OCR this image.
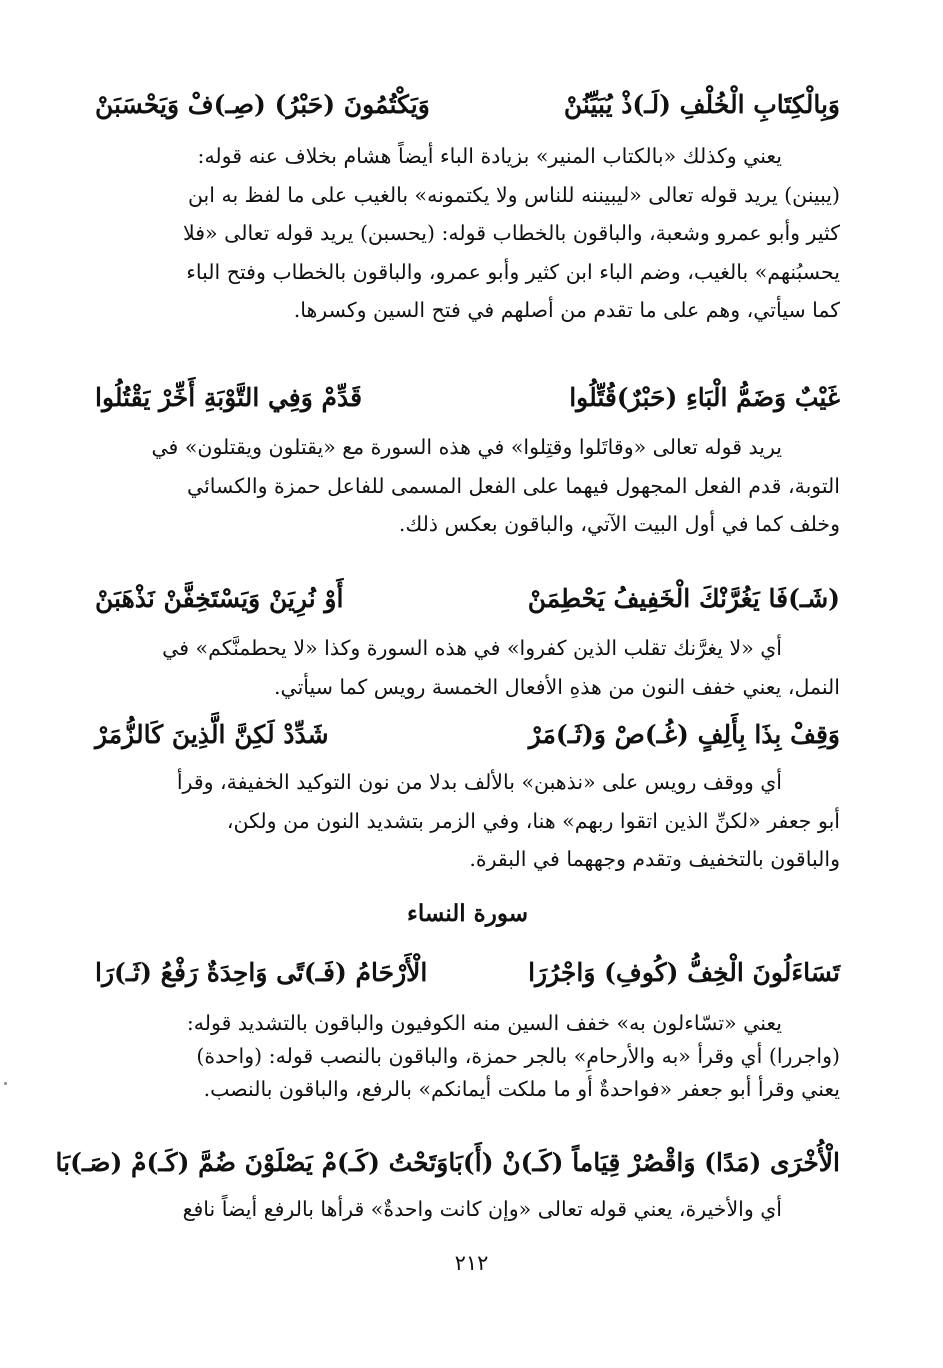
وَبِالْكِتَابِ الْخُلْفِ (لَـ)ذْ يُبَيِّنُنْ
وَيَكْتُمُونَ (حَبْرُ) (صِـ)فْ وَيَحْسَبَنْ
يعني وكذلك «بالكتاب المنير» بزيادة الباء أيضاً هشام بخلاف عنه قوله:
(يبينن) يريد قوله تعالى «ليبيننه للناس ولا يكتمونه» بالغيب على ما لفظ به ابن
كثير وأبو عمرو وشعبة، والباقون بالخطاب قوله: (يحسبن) يريد قوله تعالى «فلا
يحسبُنهم» بالغيب، وضم الباء ابن كثير وأبو عمرو، والباقون بالخطاب وفتح الباء
كما سيأتي، وهم على ما تقدم من أصلهم في فتح السين وكسرها.
غَيْبٌ وَضَمُّ الْبَاءِ (حَبْرٌ)قُتِّلُوا
قَدِّمْ وَفِي التَّوْبَةِ أَخِّرْ يَقْتُلُوا
يريد قوله تعالى «وقاتَلوا وقتِلوا» في هذه السورة مع «يقتلون ويقتلون» في
التوبة، قدم الفعل المجهول فيهما على الفعل المسمى للفاعل حمزة والكسائي
وخلف كما في أول البيت الآتي، والباقون بعكس ذلك.
(شَـ)فَا يَغُرَّنْكَ الْخَفِيفُ يَحْطِمَنْ
أَوْ نُرِيَنْ وَيَسْتَخِفَّنْ نَذْهَبَنْ
أي «لا يغرَّنك تقلب الذين كفروا» في هذه السورة وكذا «لا يحطمنَّكم» في
النمل، يعني خفف النون من هذهِ الأفعال الخمسة رويس كما سيأتي.
وَقِفْ بِذَا بِأَلِفٍ (غُـ)صْ وَ(ثَـ)مَرْ
شَدِّدْ لَكِنَّ الَّذِينَ كَالزُّمَرْ
أي ووقف رويس على «نذهبن» بالألف بدلا من نون التوكيد الخفيفة، وقرأ
أبو جعفر «لكنِّ الذين اتقوا ربهم» هنا، وفي الزمر بتشديد النون من ولكن،
والباقون بالتخفيف وتقدم وجههما في البقرة.
سورة النساء
تَسَاءَلُونَ الْخِفُّ (كُوفِ) وَاجْرُرَا
الْأَرْحَامُ (فَـ)تًى وَاحِدَةٌ رَفْعُ (ثَـ)رَا
يعني «تسّاءلون به» خفف السين منه الكوفيون والباقون بالتشديد قوله:
(واجررا) أي وقرأ «به والأرحامِ» بالجر حمزة، والباقون بالنصب قوله: (واحدة)
يعني وقرأ أبو جعفر «فواحدةٌ أو ما ملكت أيمانكم» بالرفع، والباقون بالنصب.
الْأُخْرَى (مَدًا) وَاقْصُرْ قِيَاماً (كَـ)نْ (أَ)بَا
وَتَحْتُ (كَـ)مْ يَصْلَوْنَ ضُمَّ (كَـ)مْ (صَـ)بَا
أي والأخيرة، يعني قوله تعالى «وإن كانت واحدةٌ» قرأها بالرفع أيضاً نافع
٢١٢
